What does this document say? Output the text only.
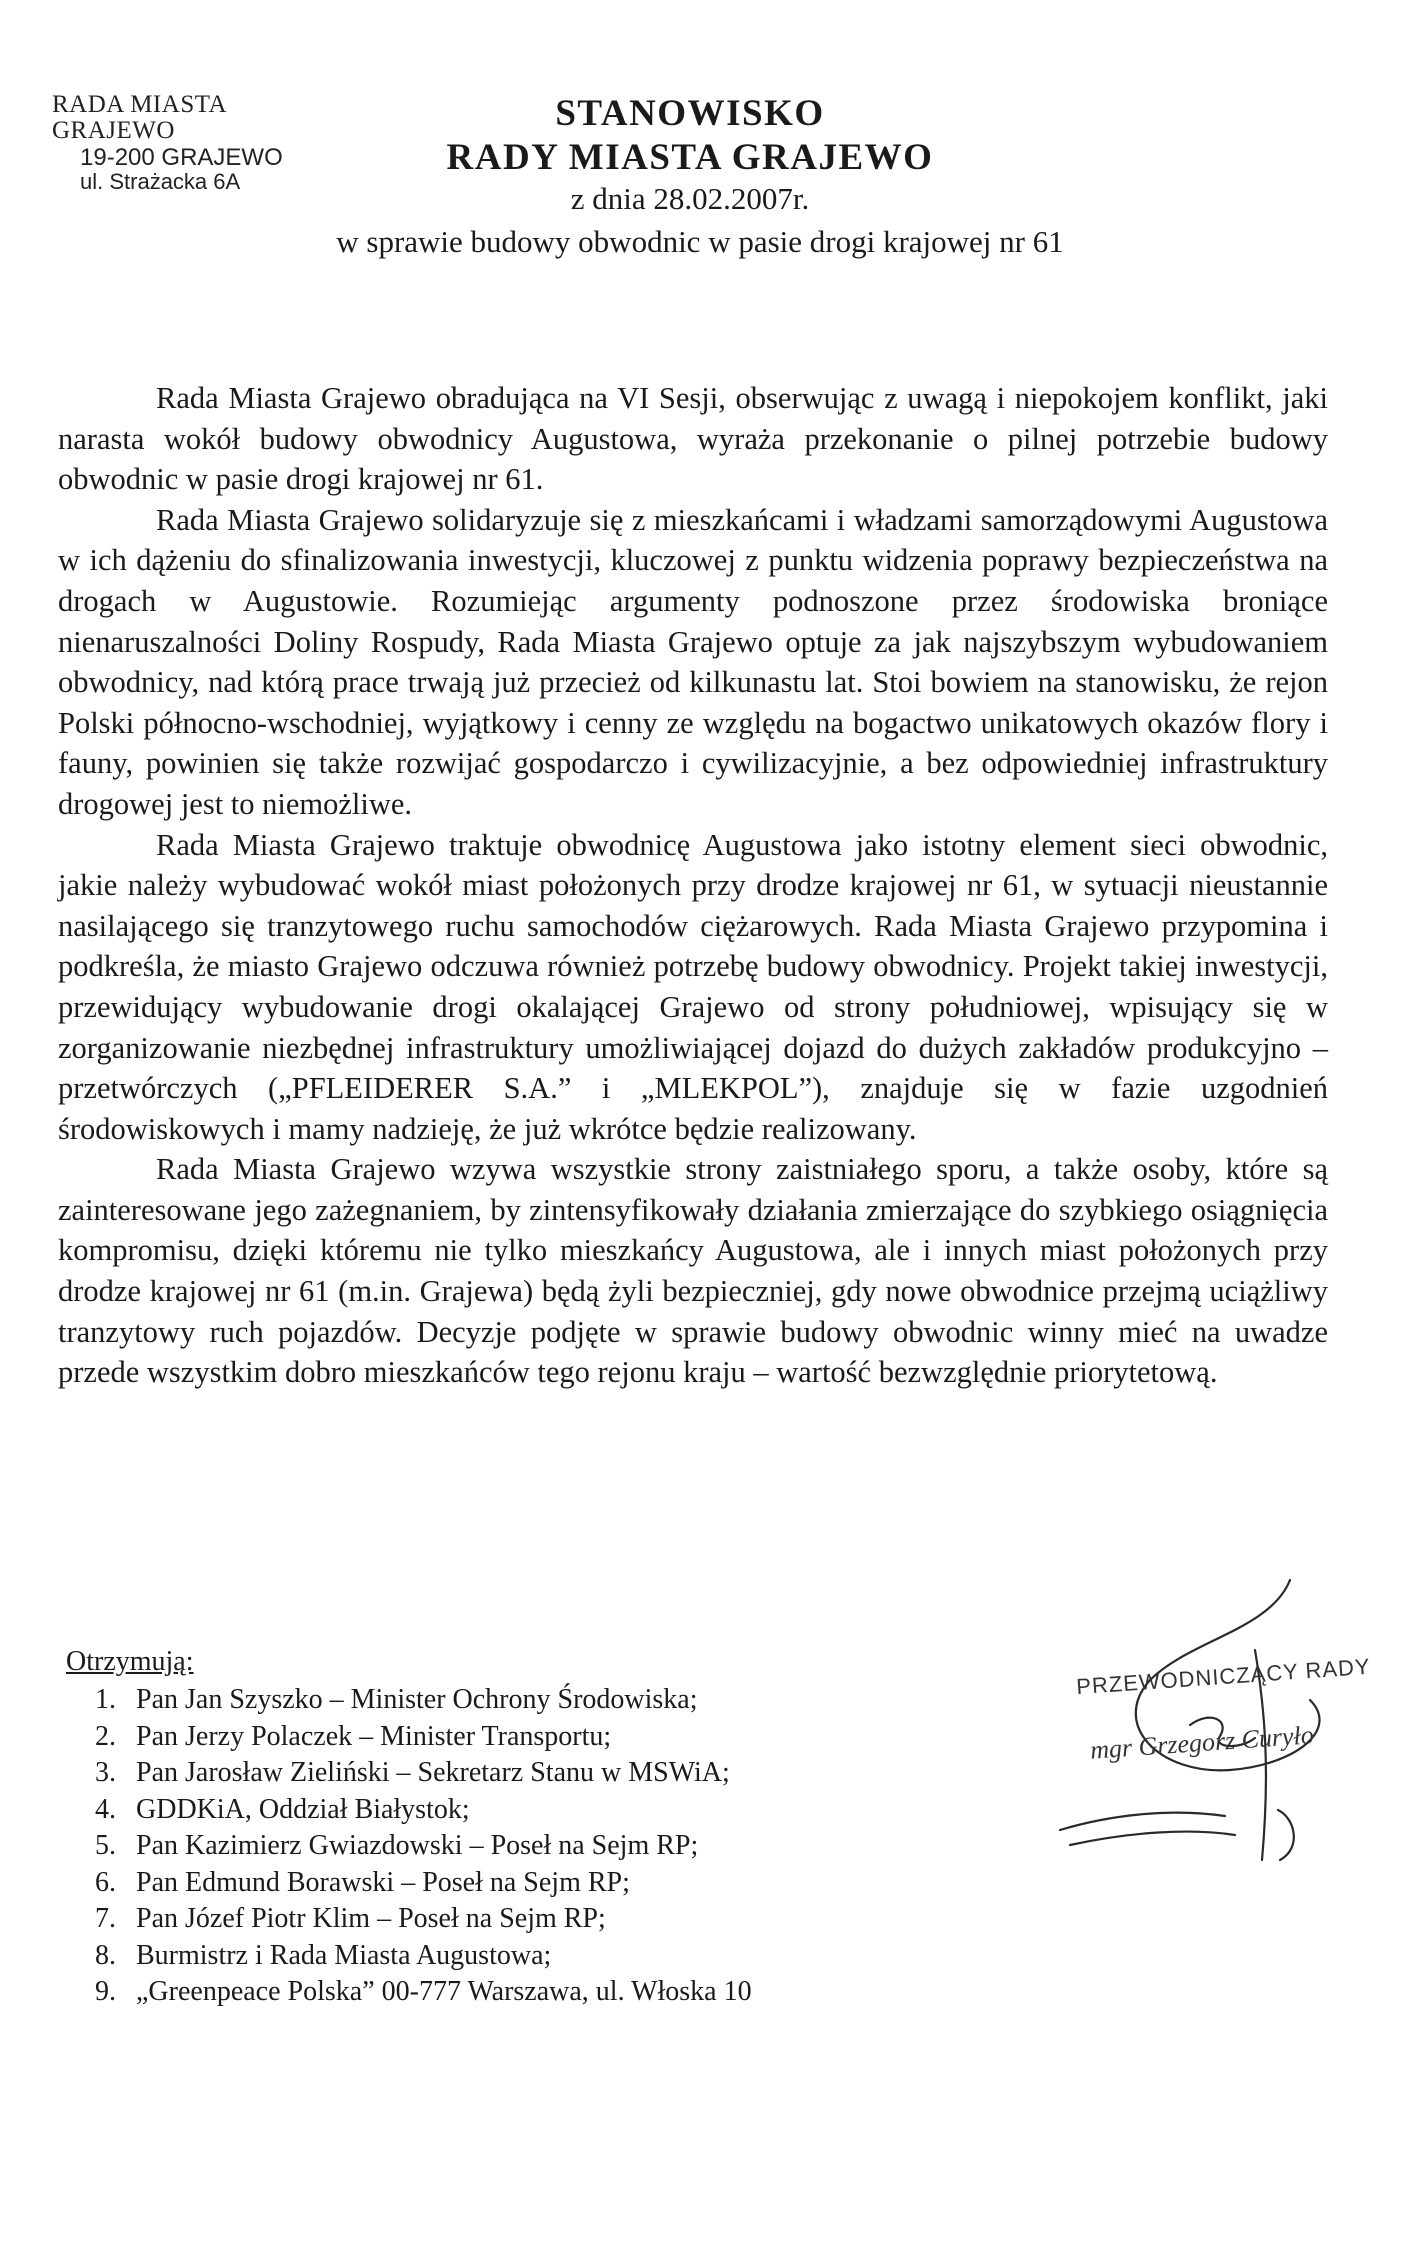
RADA MIASTA GRAJEWO
19-200 GRAJEWO
ul. Strażacka 6A
STANOWISKO
RADY MIASTA GRAJEWO
z dnia 28.02.2007r.
w sprawie budowy obwodnic w pasie drogi krajowej nr 61

Rada Miasta Grajewo obradująca na VI Sesji, obserwując z uwagą i niepokojem konflikt, jaki narasta wokół budowy obwodnicy Augustowa, wyraża przekonanie o pilnej potrzebie budowy obwodnic w pasie drogi krajowej nr 61.

Rada Miasta Grajewo solidaryzuje się z mieszkańcami i władzami samorządowymi Augustowa w ich dążeniu do sfinalizowania inwestycji, kluczowej z punktu widzenia poprawy bezpieczeństwa na drogach w Augustowie. Rozumiejąc argumenty podnoszone przez środowiska broniące nienaruszalności Doliny Rospudy, Rada Miasta Grajewo optuje za jak najszybszym wybudowaniem obwodnicy, nad którą prace trwają już przecież od kilkunastu lat. Stoi bowiem na stanowisku, że rejon Polski północno-wschodniej, wyjątkowy i cenny ze względu na bogactwo unikatowych okazów flory i fauny, powinien się także rozwijać gospodarczo i cywilizacyjnie, a bez odpowiedniej infrastruktury drogowej jest to niemożliwe.

Rada Miasta Grajewo traktuje obwodnicę Augustowa jako istotny element sieci obwodnic, jakie należy wybudować wokół miast położonych przy drodze krajowej nr 61, w sytuacji nieustannie nasilającego się tranzytowego ruchu samochodów ciężarowych. Rada Miasta Grajewo przypomina i podkreśla, że miasto Grajewo odczuwa również potrzebę budowy obwodnicy. Projekt takiej inwestycji, przewidujący wybudowanie drogi okalającej Grajewo od strony południowej, wpisujący się w zorganizowanie niezbędnej infrastruktury umożliwiającej dojazd do dużych zakładów produkcyjno – przetwórczych („PFLEIDERER S.A.” i „MLEKPOL”), znajduje się w fazie uzgodnień środowiskowych i mamy nadzieję, że już wkrótce będzie realizowany.

Rada Miasta Grajewo wzywa wszystkie strony zaistniałego sporu, a także osoby, które są zainteresowane jego zażegnaniem, by zintensyfikowały działania zmierzające do szybkiego osiągnięcia kompromisu, dzięki któremu nie tylko mieszkańcy Augustowa, ale i innych miast położonych przy drodze krajowej nr 61 (m.in. Grajewa) będą żyli bezpieczniej, gdy nowe obwodnice przejmą uciążliwy tranzytowy ruch pojazdów. Decyzje podjęte w sprawie budowy obwodnic winny mieć na uwadze przede wszystkim dobro mieszkańców tego rejonu kraju – wartość bezwzględnie priorytetową.

Otrzymują:
1. Pan Jan Szyszko – Minister Ochrony Środowiska;
2. Pan Jerzy Polaczek – Minister Transportu;
3. Pan Jarosław Zieliński – Sekretarz Stanu w MSWiA;
4. GDDKiA, Oddział Białystok;
5. Pan Kazimierz Gwiazdowski – Poseł na Sejm RP;
6. Pan Edmund Borawski – Poseł na Sejm RP;
7. Pan Józef Piotr Klim – Poseł na Sejm RP;
8. Burmistrz i Rada Miasta Augustowa;
9. „Greenpeace Polska” 00-777 Warszawa, ul. Włoska 10
PRZEWODNICZĄCY RADY
mgr Grzegorz Curyło
